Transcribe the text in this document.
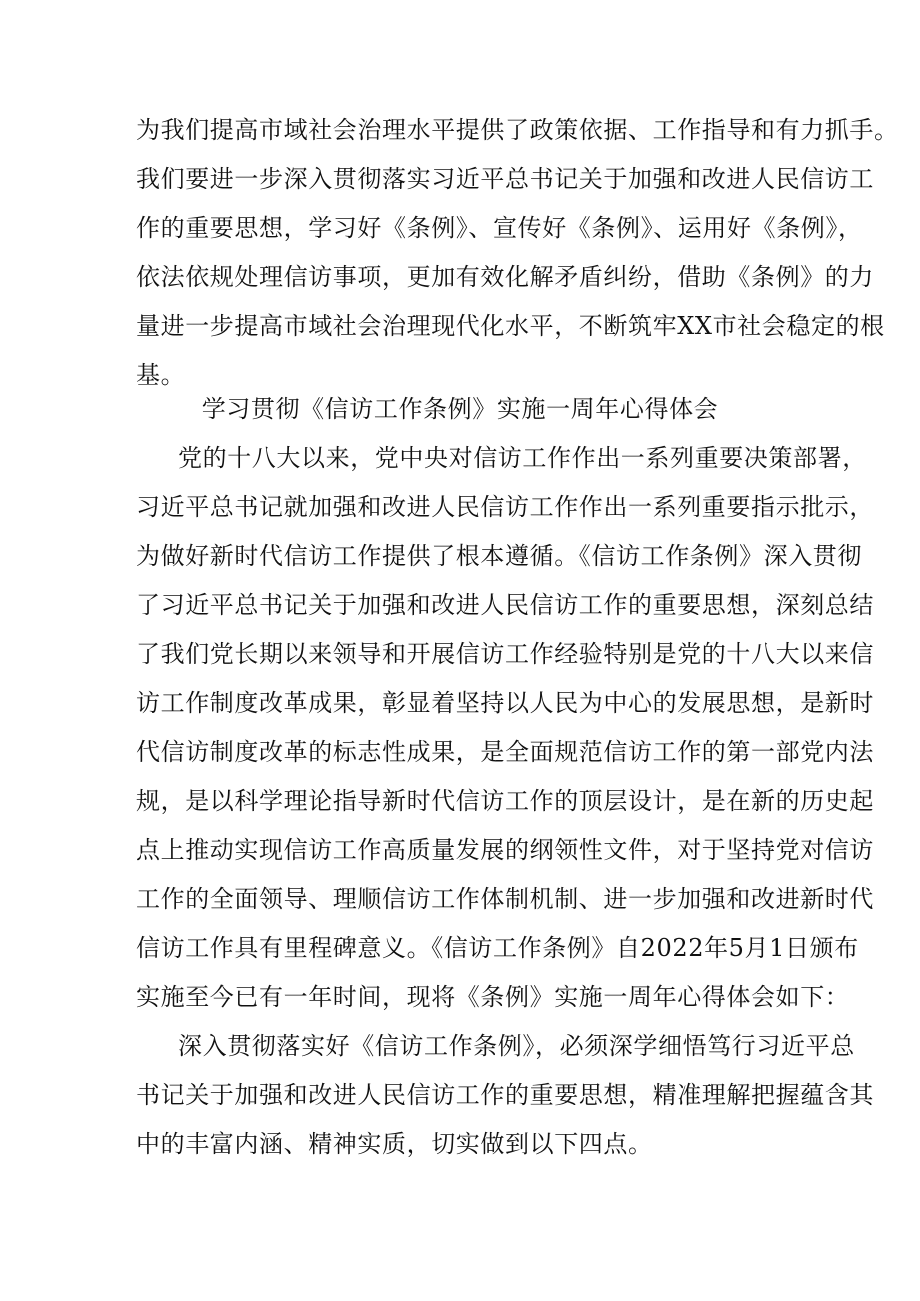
为我们提高市域社会治理水平提供了政策依据、工作指导和有力抓手。
我们要进一步深入贯彻落实习近平总书记关于加强和改进人民信访工
作的重要思想，学习好《条例》、宣传好《条例》、运用好《条例》，
依法依规处理信访事项，更加有效化解矛盾纠纷，借助《条例》的力
量进一步提高市域社会治理现代化水平，不断筑牢XX市社会稳定的根
基。
学习贯彻《信访工作条例》实施一周年心得体会
党的十八大以来，党中央对信访工作作出一系列重要决策部署，
习近平总书记就加强和改进人民信访工作作出一系列重要指示批示，
为做好新时代信访工作提供了根本遵循。《信访工作条例》深入贯彻
了习近平总书记关于加强和改进人民信访工作的重要思想，深刻总结
了我们党长期以来领导和开展信访工作经验特别是党的十八大以来信
访工作制度改革成果，彰显着坚持以人民为中心的发展思想，是新时
代信访制度改革的标志性成果，是全面规范信访工作的第一部党内法
规，是以科学理论指导新时代信访工作的顶层设计，是在新的历史起
点上推动实现信访工作高质量发展的纲领性文件，对于坚持党对信访
工作的全面领导、理顺信访工作体制机制、进一步加强和改进新时代
信访工作具有里程碑意义。《信访工作条例》自2022年5月1日颁布
实施至今已有一年时间，现将《条例》实施一周年心得体会如下：
深入贯彻落实好《信访工作条例》，必须深学细悟笃行习近平总
书记关于加强和改进人民信访工作的重要思想，精准理解把握蕴含其
中的丰富内涵、精神实质，切实做到以下四点。
